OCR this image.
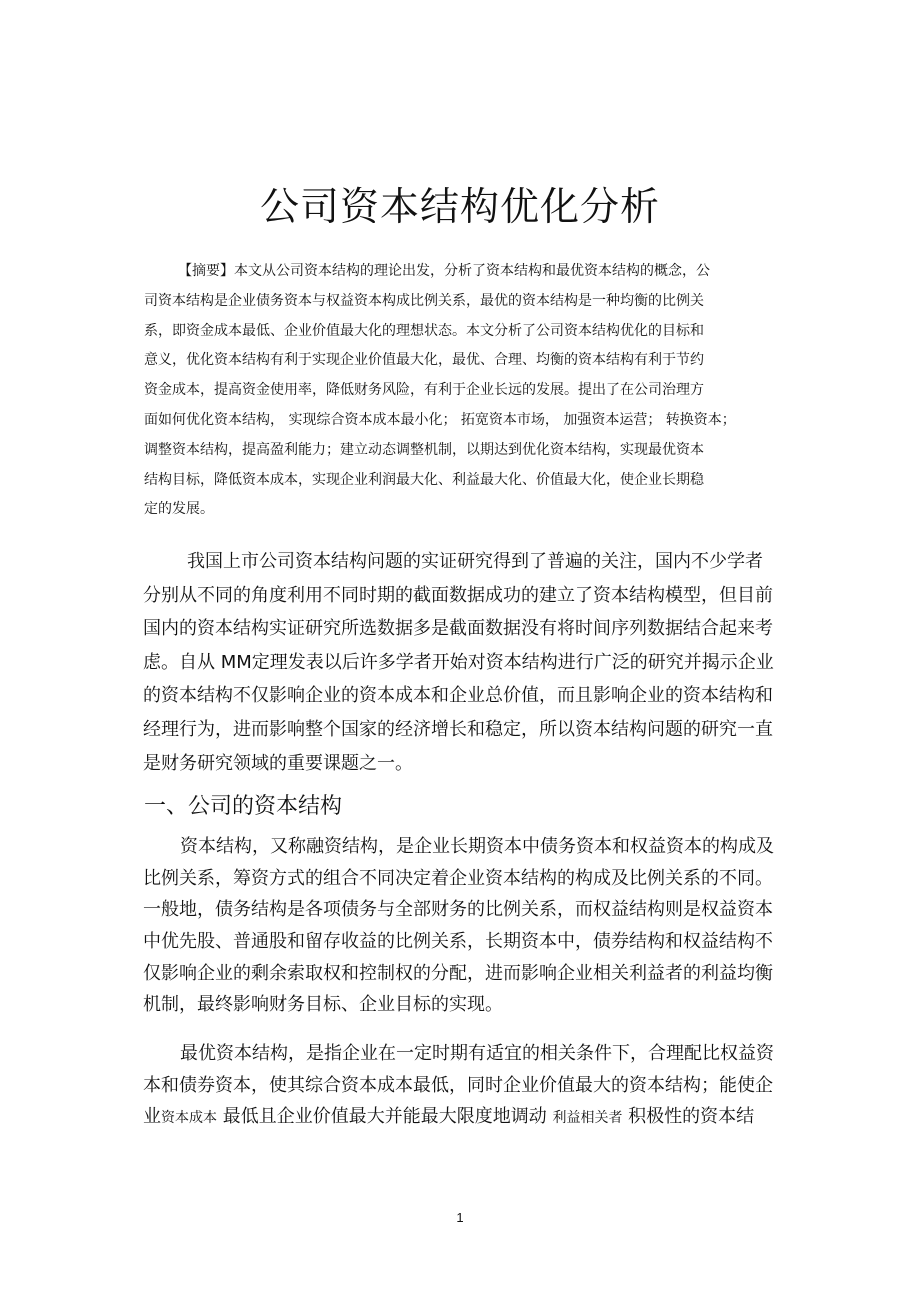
公司资本结构优化分析
【摘要】本文从公司资本结构的理论出发，分析了资本结构和最优资本结构的概念，公
司资本结构是企业债务资本与权益资本构成比例关系，最优的资本结构是一种均衡的比例关
系，即资金成本最低、企业价值最大化的理想状态。本文分析了公司资本结构优化的目标和
意义，优化资本结构有利于实现企业价值最大化，最优、合理、均衡的资本结构有利于节约
资金成本，提高资金使用率，降低财务风险，有利于企业长远的发展。提出了在公司治理方
面如何优化资本结构， 实现综合资本成本最小化； 拓宽资本市场， 加强资本运营； 转换资本；
调整资本结构，提高盈利能力；建立动态调整机制，以期达到优化资本结构，实现最优资本
结构目标，降低资本成本，实现企业利润最大化、利益最大化、价值最大化，使企业长期稳
定的发展。
我国上市公司资本结构问题的实证研究得到了普遍的关注，国内不少学者
分别从不同的角度利用不同时期的截面数据成功的建立了资本结构模型，但目前
国内的资本结构实证研究所选数据多是截面数据没有将时间序列数据结合起来考
虑。自从 MM定理发表以后许多学者开始对资本结构进行广泛的研究并揭示企业
的资本结构不仅影响企业的资本成本和企业总价值，而且影响企业的资本结构和
经理行为，进而影响整个国家的经济增长和稳定，所以资本结构问题的研究一直
是财务研究领域的重要课题之一。
一、公司的资本结构
资本结构，又称融资结构，是企业长期资本中债务资本和权益资本的构成及
比例关系，筹资方式的组合不同决定着企业资本结构的构成及比例关系的不同。
一般地，债务结构是各项债务与全部财务的比例关系，而权益结构则是权益资本
中优先股、普通股和留存收益的比例关系，长期资本中，债券结构和权益结构不
仅影响企业的剩余索取权和控制权的分配，进而影响企业相关利益者的利益均衡
机制，最终影响财务目标、企业目标的实现。
最优资本结构，是指企业在一定时期有适宜的相关条件下，合理配比权益资
本和债券资本，使其综合资本成本最低，同时企业价值最大的资本结构；能使企
业资本成本 最低且企业价值最大并能最大限度地调动 利益相关者 积极性的资本结
1
